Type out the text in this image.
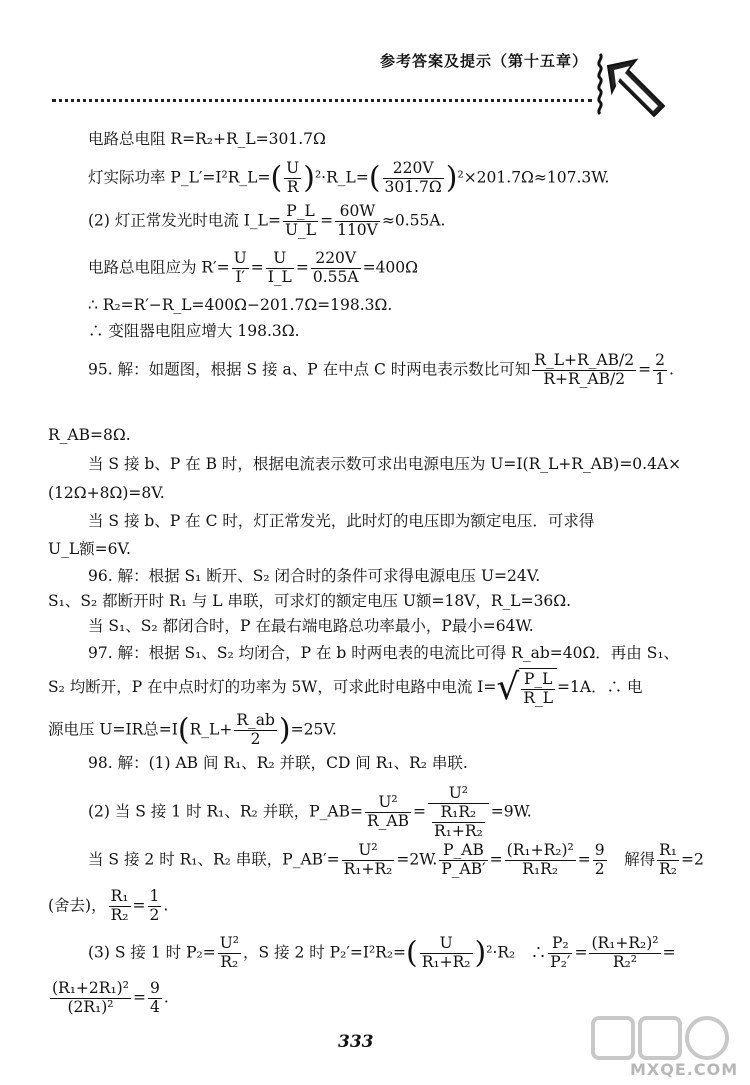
参考答案及提示（第十五章）
电路总电阻 R=R₂+R_L=301.7Ω
灯实际功率 P_L′=I²R_L=( $\frac{U}{R}$ )²·R_L=( $\frac{220V}{301.7\Omega} )^2\times 201.7\Omega\approx 107.3W$.
(2) 灯正常发光时电流 I_L= $\frac{P\_L}{U\_L} = \frac{60W}{110V} \approx 0.55A$.
电路总电阻应为 $R'= \frac{U}{I'} = \frac{U}{I\_L} = \frac{220V}{0.55A} =400\Omega$
∴ R₂=R′−R_L=400Ω−201.7Ω=198.3Ω.
∴ 变阻器电阻应增大 198.3Ω.
95. 解：如题图，根据 S 接 a、P 在中点 C 时两电表示数比可知 $\frac{R\_L+R\_AB/2}{R+R\_AB/2} = \frac{2}{1}$ .
R_AB=8Ω.
当 S 接 b、P 在 B 时，根据电流表示数可求出电源电压为 U=I(R_L+R_AB)=0.4A×
(12Ω+8Ω)=8V.
当 S 接 b、P 在 C 时，灯正常发光，此时灯的电压即为额定电压．可求得
U_L额=6V.
96. 解：根据 S₁ 断开、S₂ 闭合时的条件可求得电源电压 U=24V.
S₁、S₂ 都断开时 R₁ 与 L 串联，可求灯的额定电压 U额=18V，R_L=36Ω.
当 S₁、S₂ 都闭合时，P 在最右端电路总功率最小，P最小=64W.
97. 解：根据 S₁、S₂ 均闭合，P 在 b 时两电表的电流比可得 R_ab=40Ω．再由 S₁、
S₂ 均断开，P 在中点时灯的功率为 5W，可求此时电路中电流 $I=√ \frac{P\_L}{R\_L} =1A$．∴ 电
源电压 U=IR总=I(R_L+ $\frac{R\_ab}{2} )=25V$.
98. 解：(1) AB 间 R₁、R₂ 并联，CD 间 R₁、R₂ 串联.
(2) 当 S 接 1 时 R₁、R₂ 并联，P_AB= $\frac{\text{U²}}{R\_AB} = \frac{\text{U²}}{\frac{\text{R₁R₂}}{\text{R₁+R₂}}} =9W$.
当 S 接 2 时 R₁、R₂ 串联，P_AB′= $\frac{\text{U²}}{\text{R₁+R₂}} =2W$. $\frac{P\_AB}{P\_AB'} = \frac{\text{(R₁+R₂)²}}{\text{R₁R₂}} = \frac{9}{2}$
　 解得 $\frac{\text{R₁}}{\text{R₂}} =2$
(舍去)， $\frac{\text{R₁}}{\text{R₂}} = \frac{1}{2}$ .
(3) S 接 1 时 $P_2= \frac{\text{U²}}{\text{R₂}}$ ，S 接 2 时 $P_2'=I^2R_2=( \frac{U}{\text{R₁+R₂}} )^2\cdot R_2$　∴ $\frac{\text{P₂}}{\text{P₂′}} = \frac{\text{(R₁+R₂)²}}{\text{R₂²}}$ =
$\frac{\text{(R₁+2R₁)²}}{\text{(2R₁)²}} = \frac{9}{4}$ .
333
MXQE.COM
